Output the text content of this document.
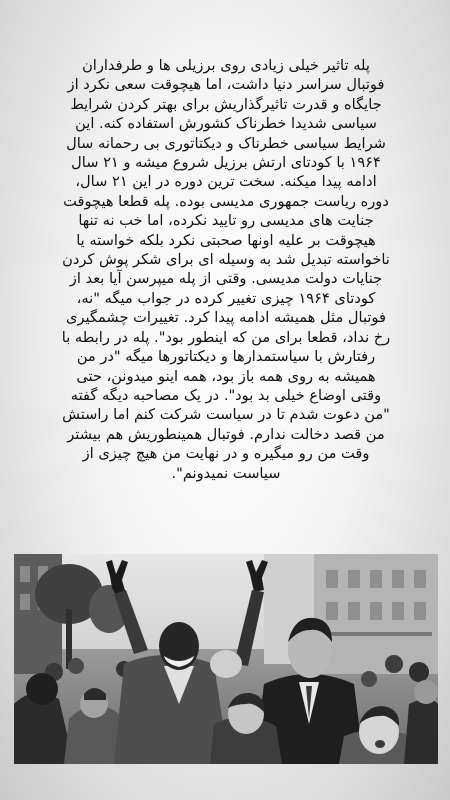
پله تاثیر خیلی زیادی روی برزیلی ها و طرفداران
فوتبال سراسر دنیا داشت، اما هیچوقت سعی نکرد از
جایگاه و قدرت تاثیرگذاریش برای بهتر کردن شرایط
سیاسی شدیدا خطرناک کشورش استفاده کنه. این
شرایط سیاسی خطرناک و دیکتاتوری بی رحمانه سال
۱۹۶۴ با کودتای ارتش برزیل شروع میشه و ۲۱ سال
ادامه پیدا میکنه. سخت ترین دوره در این ۲۱ سال،
دوره ریاست جمهوری مدیسی بوده. پله قطعا هیچوقت
جنایت های مدیسی رو تایید نکرده، اما خب نه تنها
هیچوقت بر علیه اونها صحبتی نکرد بلکه خواسته یا
ناخواسته تبدیل شد به وسیله ای برای شکر پوش کردن
جنایات دولت مدیسی. وقتی از پله میپرسن آیا بعد از
کودتای ۱۹۶۴ چیزی تغییر کرده در جواب میگه "نه،
فوتبال مثل همیشه ادامه پیدا کرد. تغییرات چشمگیری
رخ نداد، قطعا برای من که اینطور بود". پله در رابطه با
رفتارش با سیاستمدارها و دیکتاتورها میگه "در من
همیشه به روی همه باز بود، همه اینو میدونن، حتی
وقتی اوضاع خیلی بد بود". در یک مصاحبه دیگه گفته
"من دعوت شدم تا در سیاست شرکت کنم اما راستش
من قصد دخالت ندارم. فوتبال همینطوریش هم بیشتر
وقت من رو میگیره و در نهایت من هیچ چیزی از
سیاست نمیدونم".
